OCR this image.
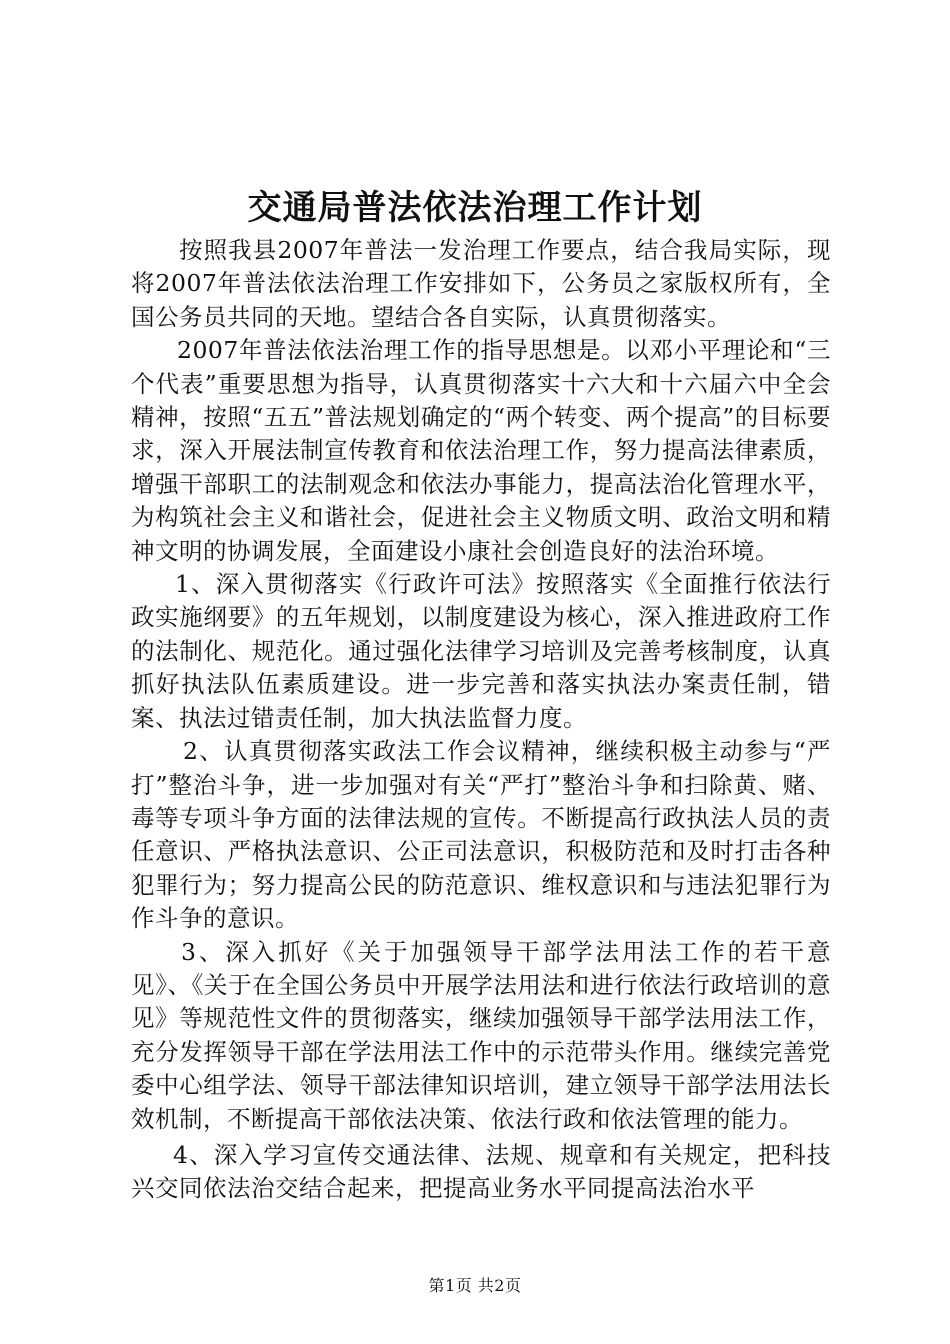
交通局普法依法治理工作计划

按照我县2007年普法一发治理工作要点，结合我局实际，现将2007年普法依法治理工作安排如下，公务员之家版权所有，全国公务员共同的天地。望结合各自实际，认真贯彻落实。

2007年普法依法治理工作的指导思想是。以邓小平理论和“三个代表”重要思想为指导，认真贯彻落实十六大和十六届六中全会精神，按照“五五”普法规划确定的“两个转变、两个提高”的目标要求，深入开展法制宣传教育和依法治理工作，努力提高法律素质，增强干部职工的法制观念和依法办事能力，提高法治化管理水平，为构筑社会主义和谐社会，促进社会主义物质文明、政治文明和精神文明的协调发展，全面建设小康社会创造良好的法治环境。

1、深入贯彻落实《行政许可法》按照落实《全面推行依法行政实施纲要》的五年规划，以制度建设为核心，深入推进政府工作的法制化、规范化。通过强化法律学习培训及完善考核制度，认真抓好执法队伍素质建设。进一步完善和落实执法办案责任制，错案、执法过错责任制，加大执法监督力度。

2、认真贯彻落实政法工作会议精神，继续积极主动参与“严打”整治斗争，进一步加强对有关“严打”整治斗争和扫除黄、赌、毒等专项斗争方面的法律法规的宣传。不断提高行政执法人员的责任意识、严格执法意识、公正司法意识，积极防范和及时打击各种犯罪行为；努力提高公民的防范意识、维权意识和与违法犯罪行为作斗争的意识。

3、深入抓好《关于加强领导干部学法用法工作的若干意见》、《关于在全国公务员中开展学法用法和进行依法行政培训的意见》等规范性文件的贯彻落实，继续加强领导干部学法用法工作，充分发挥领导干部在学法用法工作中的示范带头作用。继续完善党委中心组学法、领导干部法律知识培训，建立领导干部学法用法长效机制，不断提高干部依法决策、依法行政和依法管理的能力。

4、深入学习宣传交通法律、法规、规章和有关规定，把科技兴交同依法治交结合起来，把提高业务水平同提高法治水平

第1页 共2页
